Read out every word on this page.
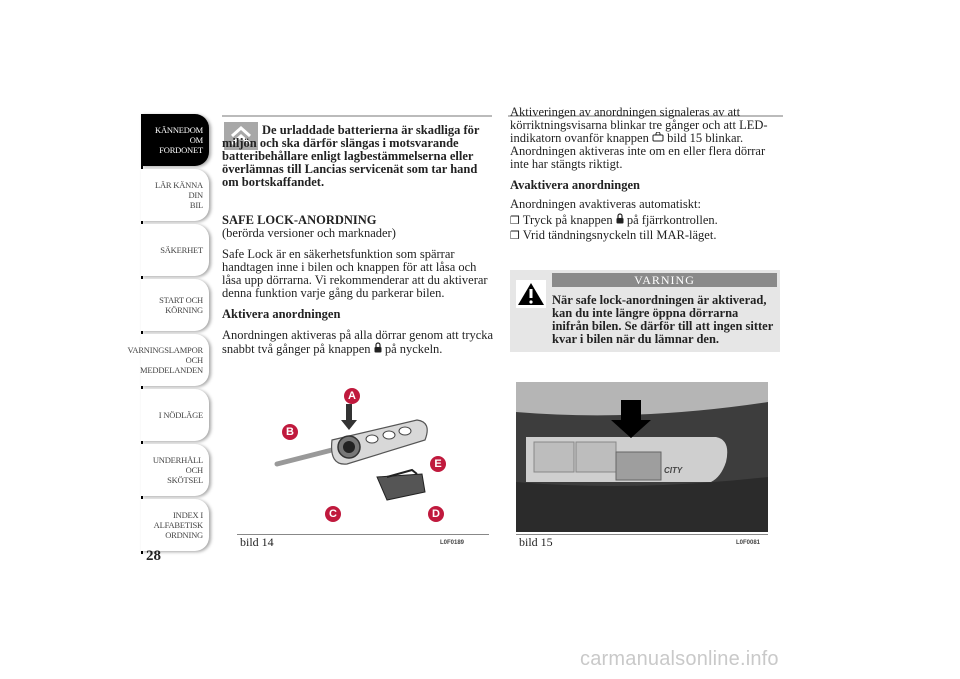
KÄNNEDOM OM
FORDONET
LÄR KÄNNA DIN
BIL
SÄKERHET
START OCH
KÖRNING
VARNINGSLAMPOR
OCH
MEDDELANDEN
I NÖDLÄGE
UNDERHÅLL OCH
SKÖTSEL
INDEX I
ALFABETISK
ORDNING
28

De urladdade batterierna är skadliga för miljön och ska därför slängas i motsvarande batteribehållare enligt lagbestämmelserna eller överlämnas till Lancias servicenät som tar hand om bortskaffandet.

SAFE LOCK-ANORDNING
(berörda versioner och marknader)
Safe Lock är en säkerhetsfunktion som spärrar handtagen inne i bilen och knappen för att låsa och låsa upp dörrarna. Vi rekommenderar att du aktiverar denna funktion varje gång du parkerar bilen.
Aktivera anordningen
Anordningen aktiveras på alla dörrar genom att trycka snabbt två gånger på knappen på nyckeln.
A
B
C	D
E
bild 14	L0F0189
Aktiveringen av anordningen signaleras av att körriktningsvisarna blinkar tre gånger och att LED-indikatorn ovanför knappen bild 15 blinkar. Anordningen aktiveras inte om en eller flera dörrar inte har stängts riktigt.
Avaktivera anordningen
Anordningen avaktiveras automatiskt:
❒ Tryck på knappen på fjärrkontrollen.
❒ Vrid tändningsnyckeln till MAR-läget.
VARNING
När safe lock-anordningen är aktiverad, kan du inte längre öppna dörrarna inifrån bilen. Se därför till att ingen sitter kvar i bilen när du lämnar den.
CITY
bild 15	L0F0081
carmanualsonline.info
